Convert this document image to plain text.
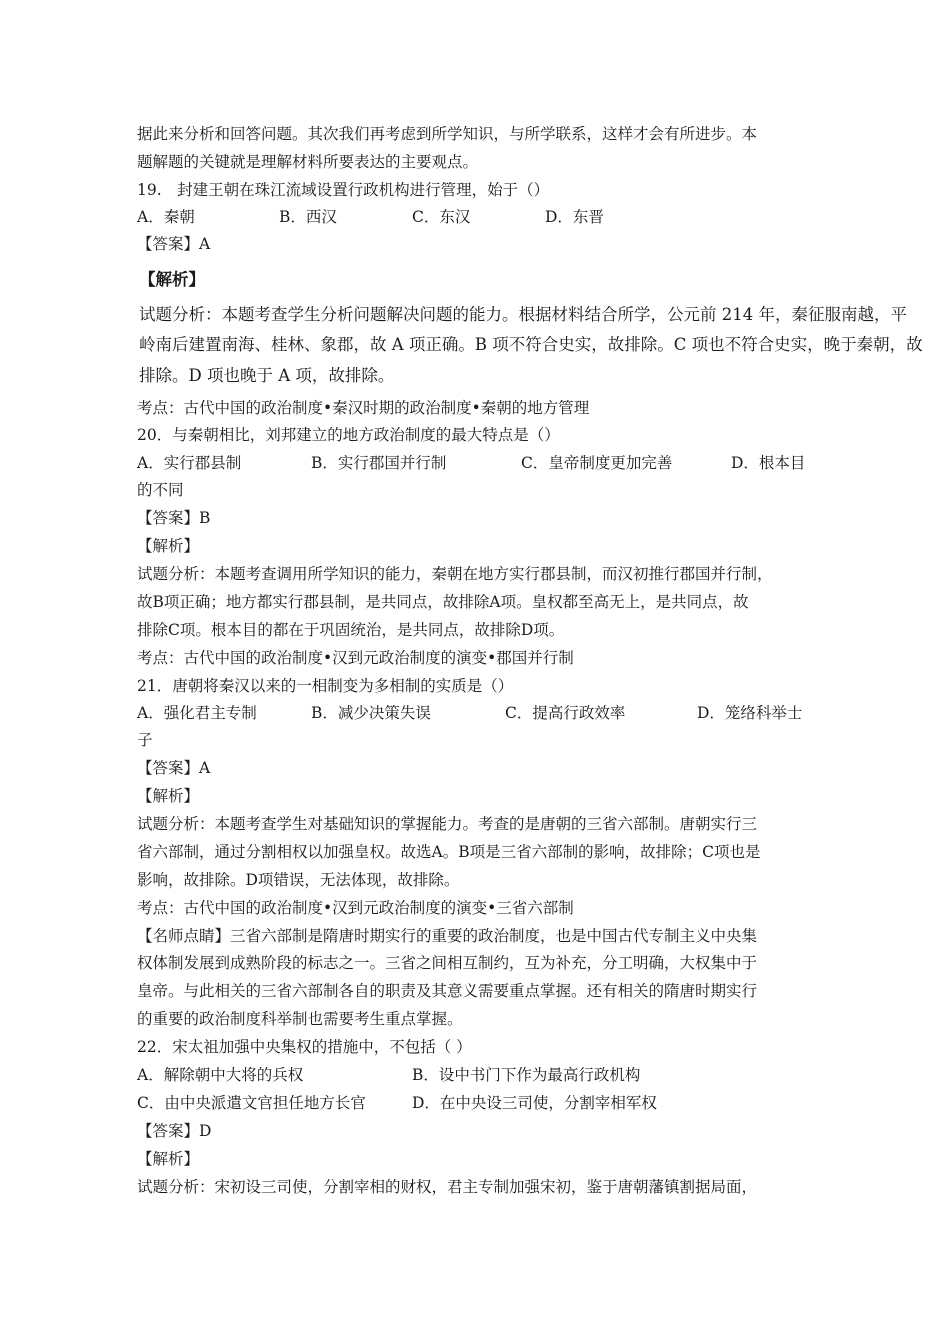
据此来分析和回答问题。其次我们再考虑到所学知识，与所学联系，这样才会有所进步。本
题解题的关键就是理解材料所要表达的主要观点。
19.　封建王朝在珠江流域设置行政机构进行管理，始于（）
A．秦朝	B．西汉	C．东汉	D．东晋
【答案】A
【解析】
试题分析：本题考查学生分析问题解决问题的能力。根据材料结合所学，公元前 214 年，秦征服南越，平
岭南后建置南海、桂林、象郡，故 A 项正确。B 项不符合史实，故排除。C 项也不符合史实，晚于秦朝，故
排除。D 项也晚于 A 项，故排除。
考点：古代中国的政治制度•秦汉时期的政治制度•秦朝的地方管理
20．与秦朝相比，刘邦建立的地方政治制度的最大特点是（）
A．实行郡县制	B．实行郡国并行制	C．皇帝制度更加完善	D．根本目
的不同
【答案】B
【解析】
试题分析：本题考查调用所学知识的能力，秦朝在地方实行郡县制，而汉初推行郡国并行制，
故B项正确；地方都实行郡县制，是共同点，故排除A项。皇权都至高无上，是共同点，故
排除C项。根本目的都在于巩固统治，是共同点，故排除D项。
考点：古代中国的政治制度•汉到元政治制度的演变•郡国并行制
21．唐朝将秦汉以来的一相制变为多相制的实质是（）
A．强化君主专制	B．减少决策失误	C．提高行政效率	D．笼络科举士
子
【答案】A
【解析】
试题分析：本题考查学生对基础知识的掌握能力。考查的是唐朝的三省六部制。唐朝实行三
省六部制，通过分割相权以加强皇权。故选A。B项是三省六部制的影响，故排除；C项也是
影响，故排除。D项错误，无法体现，故排除。
考点：古代中国的政治制度•汉到元政治制度的演变•三省六部制
【名师点睛】三省六部制是隋唐时期实行的重要的政治制度，也是中国古代专制主义中央集
权体制发展到成熟阶段的标志之一。三省之间相互制约，互为补充，分工明确，大权集中于
皇帝。与此相关的三省六部制各自的职责及其意义需要重点掌握。还有相关的隋唐时期实行
的重要的政治制度科举制也需要考生重点掌握。
22．宋太祖加强中央集权的措施中，不包括（ ）
A．解除朝中大将的兵权	B．设中书门下作为最高行政机构
C．由中央派遣文官担任地方长官	D．在中央设三司使，分割宰相军权
【答案】D
【解析】
试题分析：宋初设三司使，分割宰相的财权，君主专制加强宋初，鉴于唐朝藩镇割据局面，
